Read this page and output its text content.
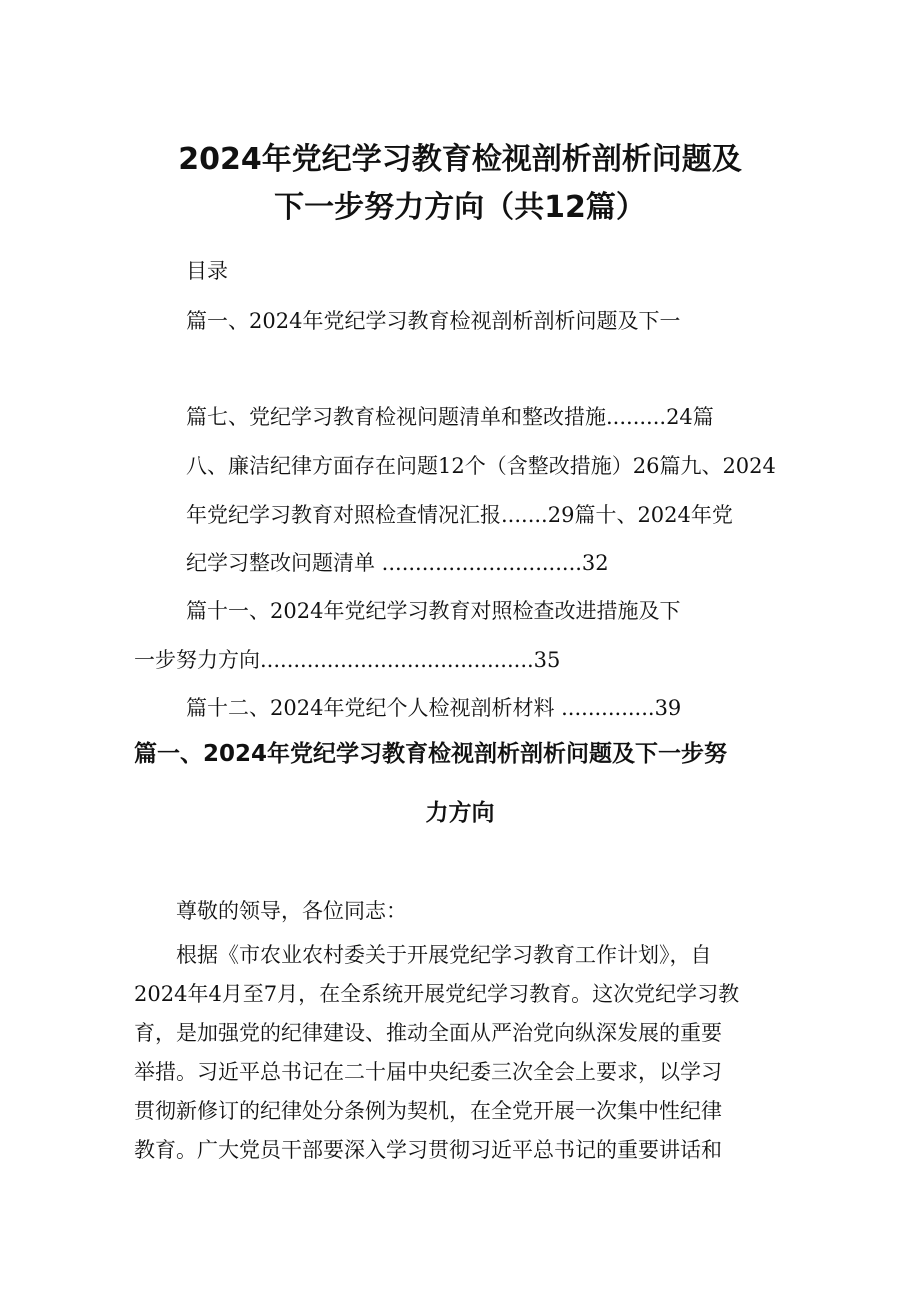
2024年党纪学习教育检视剖析剖析问题及
下一步努力方向（共12篇）
目录
篇一、2024年党纪学习教育检视剖析剖析问题及下一
篇七、党纪学习教育检视问题清单和整改措施.........24篇
八、廉洁纪律方面存在问题12个（含整改措施）26篇九、2024
年党纪学习教育对照检查情况汇报.......29篇十、2024年党
纪学习整改问题清单 ..............................32
篇十一、2024年党纪学习教育对照检查改进措施及下
一步努力方向.........................................35
篇十二、2024年党纪个人检视剖析材料 ..............39
篇一、2024年党纪学习教育检视剖析剖析问题及下一步努
力方向
尊敬的领导，各位同志：
根据《市农业农村委关于开展党纪学习教育工作计划》，自
2024年4月至7月，在全系统开展党纪学习教育。这次党纪学习教
育，是加强党的纪律建设、推动全面从严治党向纵深发展的重要
举措。习近平总书记在二十届中央纪委三次全会上要求，以学习
贯彻新修订的纪律处分条例为契机，在全党开展一次集中性纪律
教育。广大党员干部要深入学习贯彻习近平总书记的重要讲话和
